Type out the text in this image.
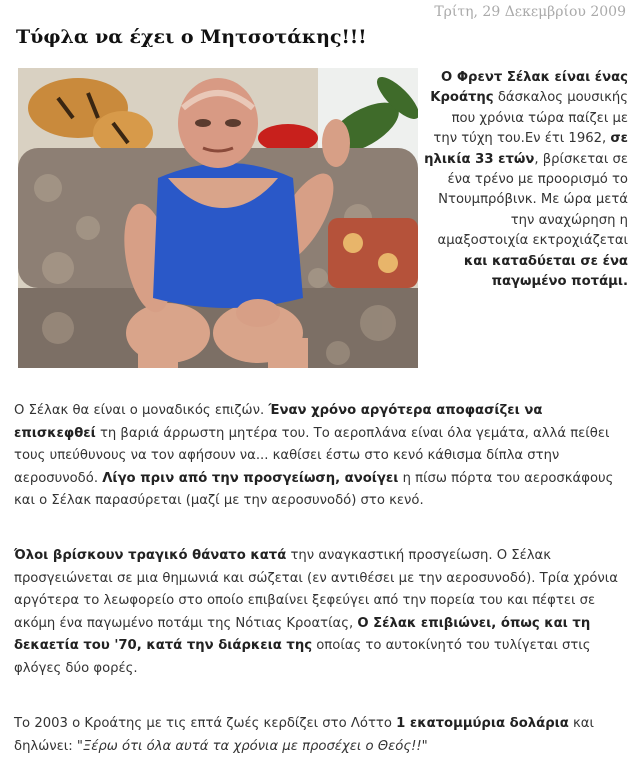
Τρίτη, 29 Δεκεμβρίου 2009
Τύφλα να έχει ο Μητσοτάκης!!!
Ο Φρεντ Σέλακ είναι ένας Κροάτης δάσκαλος μουσικής που χρόνια τώρα παίζει με την τύχη του.Εν έτι 1962, σε ηλικία 33 ετών, βρίσκεται σε ένα τρένο με προορισμό το Ντουμπρόβινκ. Με ώρα μετά την αναχώρηση η αμαξοστοιχία εκτροχιάζεται και καταδύεται σε ένα παγωμένο ποτάμι.

Ο Σέλακ θα είναι ο μοναδικός επιζών. Έναν χρόνο αργότερα αποφασίζει να επισκεφθεί τη βαριά άρρωστη μητέρα του. Το αεροπλάνα είναι όλα γεμάτα, αλλά πείθει τους υπεύθυνους να τον αφήσουν να... καθίσει έστω στο κενό κάθισμα δίπλα στην αεροσυνοδό. Λίγο πριν από την προσγείωση, ανοίγει η πίσω πόρτα του αεροσκάφους και ο Σέλακ παρασύρεται (μαζί με την αεροσυνοδό) στο κενό.

Όλοι βρίσκουν τραγικό θάνατο κατά την αναγκαστική προσγείωση. Ο Σέλακ προσγειώνεται σε μια θημωνιά και σώζεται (εν αντιθέσει με την αεροσυνοδό). Τρία χρόνια αργότερα το λεωφορείο στο οποίο επιβαίνει ξεφεύγει από την πορεία του και πέφτει σε ακόμη ένα παγωμένο ποτάμι της Νότιας Κροατίας, Ο Σέλακ επιβιώνει, όπως και τη δεκαετία του '70, κατά την διάρκεια της οποίας το αυτοκίνητό του τυλίγεται στις φλόγες δύο φορές.

Το 2003 ο Κροάτης με τις επτά ζωές κερδίζει στο Λόττο 1 εκατομμύρια δολάρια και δηλώνει: "Ξέρω ότι όλα αυτά τα χρόνια με προσέχει ο Θεός!!"
